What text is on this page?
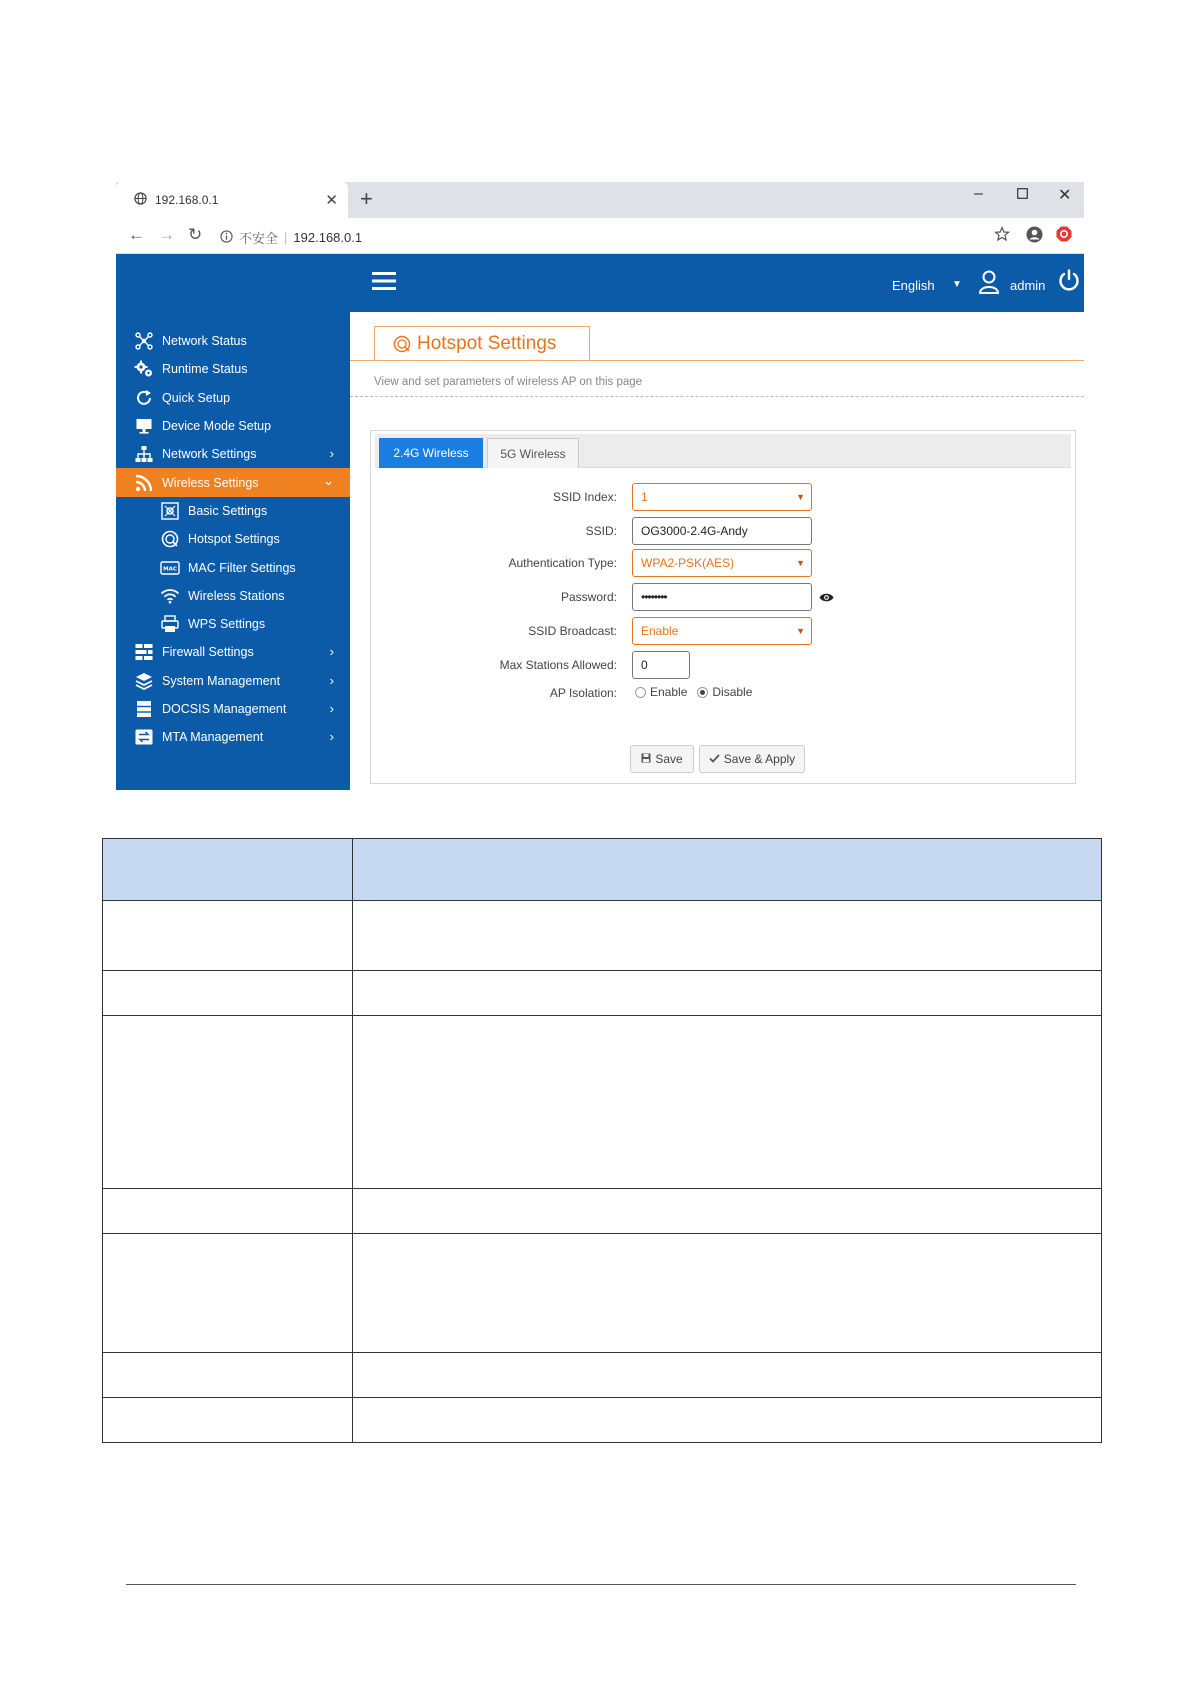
192.168.0.1	✕ +	–	✕
← → ↻	不安全 | 192.168.0.1
English ▼	admin
Network Status
Runtime Status
Quick Setup
Device Mode Setup
Network Settings	›
Wireless Settings	⌄
Basic Settings
Hotspot Settings
MAC MAC Filter Settings
Wireless Stations
WPS Settings
Firewall Settings	›
System Management	›
DOCSIS Management	›
MTA Management	›
Hotspot Settings
View and set parameters of wireless AP on this page
2.4G Wireless	5G Wireless
SSID Index: 1	▼
SSID:	OG3000-2.4G-Andy
Authentication Type: WPA2-PSK(AES)	▼
Password:	••••••••
SSID Broadcast: Enable	▼
Max Stations Allowed:	0
AP Isolation:	Enable Disable
Save	Save & Apply
